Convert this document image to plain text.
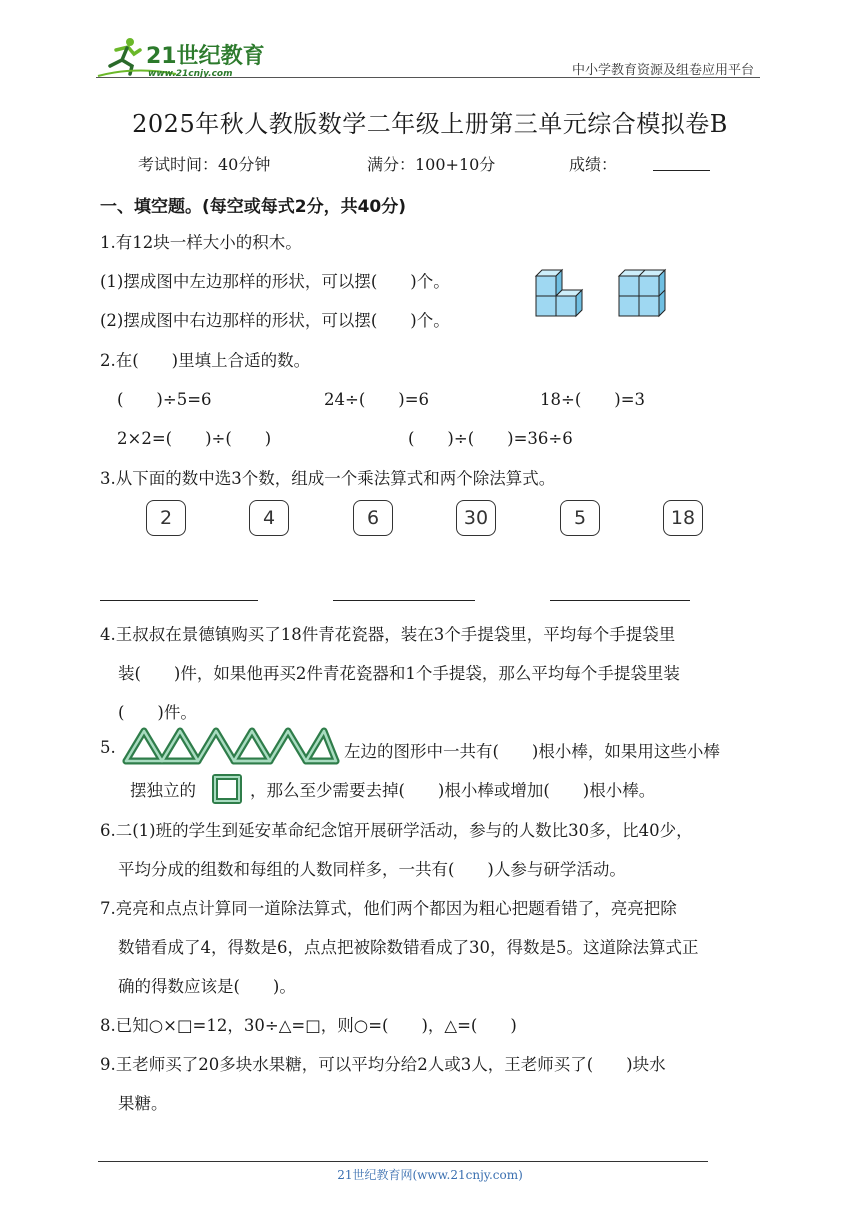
21世纪教育
www.21cnjy.com	中小学教育资源及组卷应用平台
2025年秋人教版数学二年级上册第三单元综合模拟卷B
考试时间：40分钟	满分：100+10分	成绩：
一、填空题。(每空或每式2分，共40分)
1.有12块一样大小的积木。
(1)摆成图中左边那样的形状，可以摆(　　)个。
(2)摆成图中右边那样的形状，可以摆(　　)个。
2.在(　　)里填上合适的数。
(　　)÷5=6	24÷(　　)=6	18÷(　　)=3
2×2=(　　)÷(　　)	(　　)÷(　　)=36÷6
3.从下面的数中选3个数，组成一个乘法算式和两个除法算式。
2	4	6	30	5	18
4.王叔叔在景德镇购买了18件青花瓷器，装在3个手提袋里，平均每个手提袋里
装(　　)件，如果他再买2件青花瓷器和1个手提袋，那么平均每个手提袋里装
(　　)件。
5.	左边的图形中一共有(　　)根小棒，如果用这些小棒
摆独立的	，那么至少需要去掉(　　)根小棒或增加(　　)根小棒。
6.二(1)班的学生到延安革命纪念馆开展研学活动，参与的人数比30多，比40少，
平均分成的组数和每组的人数同样多，一共有(　　)人参与研学活动。
7.亮亮和点点计算同一道除法算式，他们两个都因为粗心把题看错了，亮亮把除
数错看成了4，得数是6，点点把被除数错看成了30，得数是5。这道除法算式正
确的得数应该是(　　)。
8.已知○×□=12，30÷△=□，则○=(　　)，△=(　　)
9.王老师买了20多块水果糖，可以平均分给2人或3人，王老师买了(　　)块水
果糖。
21世纪教育网(www.21cnjy.com)
